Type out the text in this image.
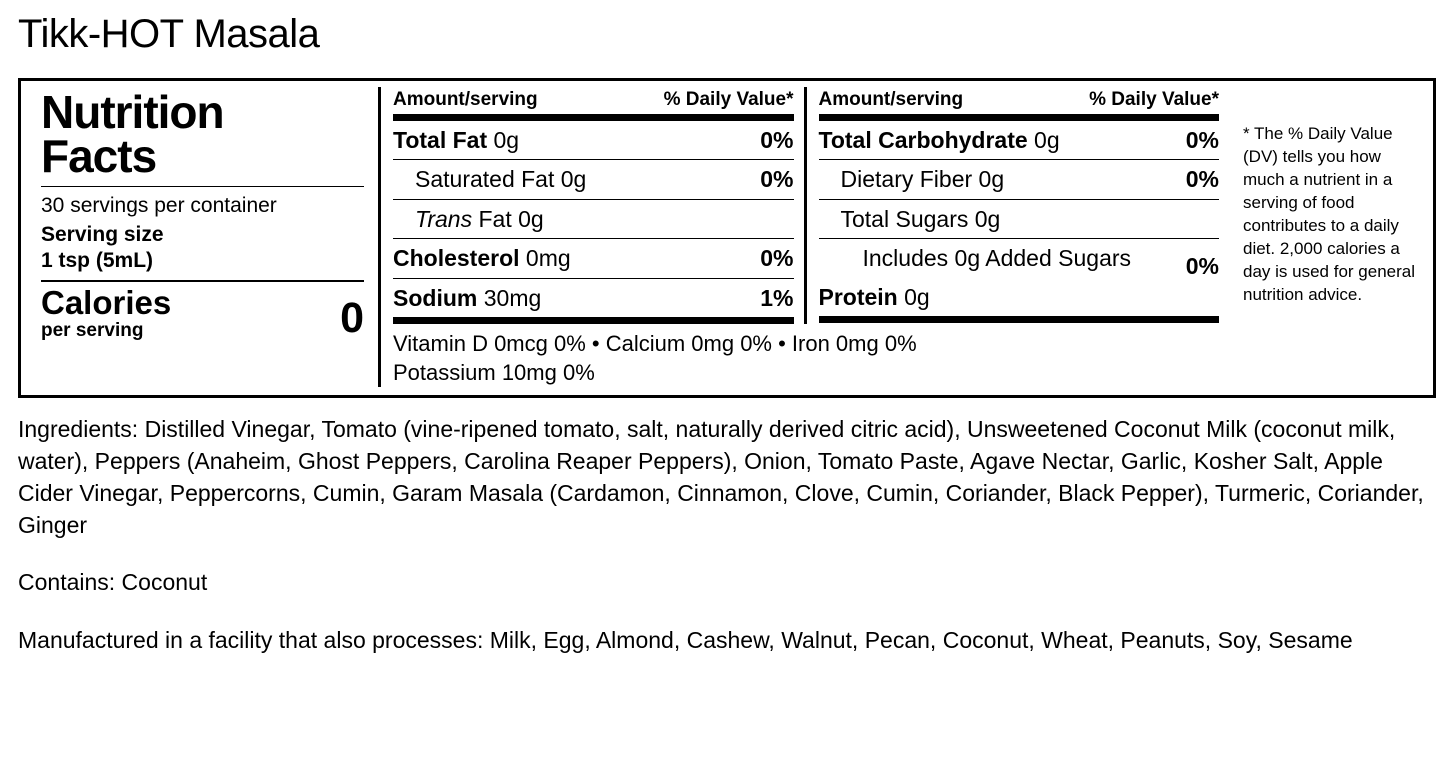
Tikk-HOT Masala
Nutrition
Facts
30 servings per container
Serving size
1 tsp (5mL)
Calories
per serving	0
Amount/serving	% Daily Value*
Total Fat 0g	0%
Saturated Fat 0g	0%
Trans Fat 0g
Cholesterol 0mg	0%
Sodium 30mg	1%
Amount/serving	% Daily Value*
Total Carbohydrate 0g	0%
Dietary Fiber 0g	0%
Total Sugars 0g
Includes 0g Added Sugars 0%
Protein 0g
Vitamin D 0mcg 0% • Calcium 0mg 0% • Iron 0mg 0%
Potassium 10mg 0%
* The % Daily Value (DV) tells you how much a nutrient in a serving of food contributes to a daily diet. 2,000 calories a day is used for general nutrition advice.
Ingredients: Distilled Vinegar, Tomato (vine-ripened tomato, salt, naturally derived citric acid), Unsweetened Coconut Milk (coconut milk, water), Peppers (Anaheim, Ghost Peppers, Carolina Reaper Peppers), Onion, Tomato Paste, Agave Nectar, Garlic, Kosher Salt, Apple Cider Vinegar, Peppercorns, Cumin, Garam Masala (Cardamon, Cinnamon, Clove, Cumin, Coriander, Black Pepper), Turmeric, Coriander, Ginger
Contains: Coconut
Manufactured in a facility that also processes: Milk, Egg, Almond, Cashew, Walnut, Pecan, Coconut, Wheat, Peanuts, Soy, Sesame
